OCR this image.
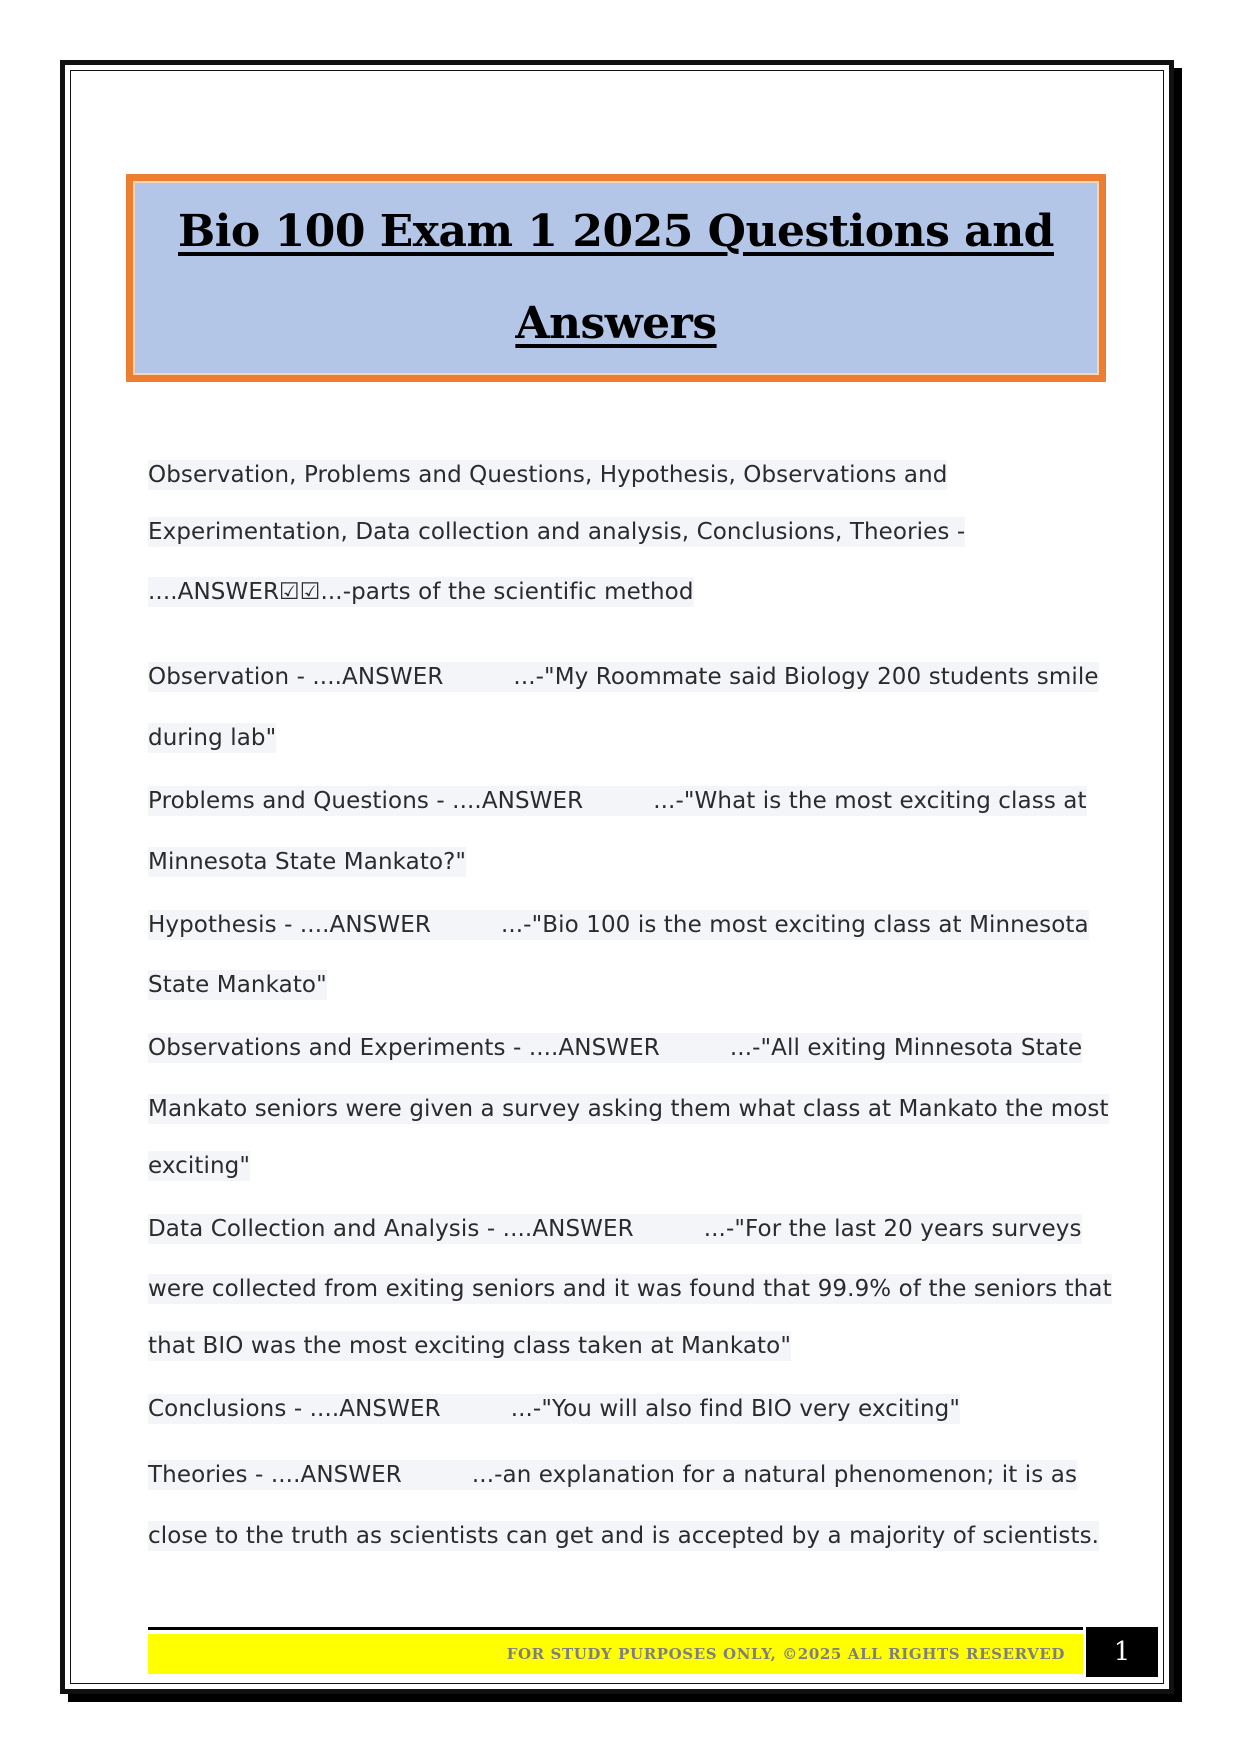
Bio 100 Exam 1 2025 Questions and
Answers
Observation, Problems and Questions, Hypothesis, Observations and
Experimentation, Data collection and analysis, Conclusions, Theories -
....ANSWER☑☑...-parts of the scientific method
Observation - ....ANSWER	...-"My Roommate said Biology 200 students smile
during lab"
Problems and Questions - ....ANSWER	...-"What is the most exciting class at
Minnesota State Mankato?"
Hypothesis - ....ANSWER	...-"Bio 100 is the most exciting class at Minnesota
State Mankato"
Observations and Experiments - ....ANSWER	...-"All exiting Minnesota State
Mankato seniors were given a survey asking them what class at Mankato the most
exciting"
Data Collection and Analysis - ....ANSWER	...-"For the last 20 years surveys
were collected from exiting seniors and it was found that 99.9% of the seniors that
that BIO was the most exciting class taken at Mankato"
Conclusions - ....ANSWER	...-"You will also find BIO very exciting"
Theories - ....ANSWER	...-an explanation for a natural phenomenon; it is as
close to the truth as scientists can get and is accepted by a majority of scientists.
FOR STUDY PURPOSES ONLY, ©2025 ALL RIGHTS RESERVED	1
